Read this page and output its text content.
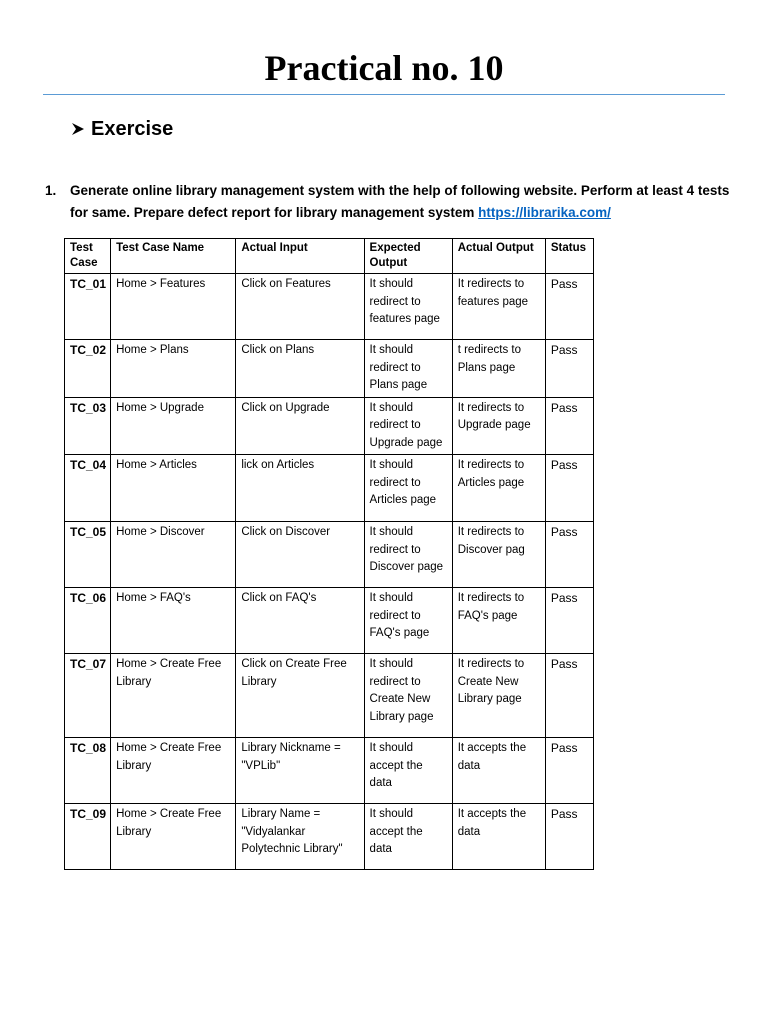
Practical no. 10
Exercise
1. Generate online library management system with the help of following website. Perform at least 4 tests for same. Prepare defect report for library management system https://librarika.com/
Test Case	Test Case Name	Actual Input	Expected Output	Actual Output	Status
TC_01	Home > Features	Click on Features	It should redirect to features page	It redirects to features page	Pass
TC_02	Home > Plans	Click on Plans	It should redirect to Plans page	t redirects to Plans page	Pass
TC_03	Home > Upgrade	Click on Upgrade	It should redirect to Upgrade page	It redirects to Upgrade page	Pass
TC_04	Home > Articles	lick on Articles	It should redirect to Articles page	It redirects to Articles page	Pass
TC_05	Home > Discover	Click on Discover	It should redirect to Discover page	It redirects to Discover pag	Pass
TC_06	Home > FAQ's	Click on FAQ's	It should redirect to FAQ's page	It redirects to FAQ's page	Pass
TC_07	Home > Create Free Library	Click on Create Free Library	It should redirect to Create New Library page	It redirects to Create New Library page	Pass
TC_08	Home > Create Free Library	Library Nickname = "VPLib"	It should accept the data	It accepts the data	Pass
TC_09	Home > Create Free Library	Library Name = "Vidyalankar Polytechnic Library"	It should accept the data	It accepts the data	Pass
